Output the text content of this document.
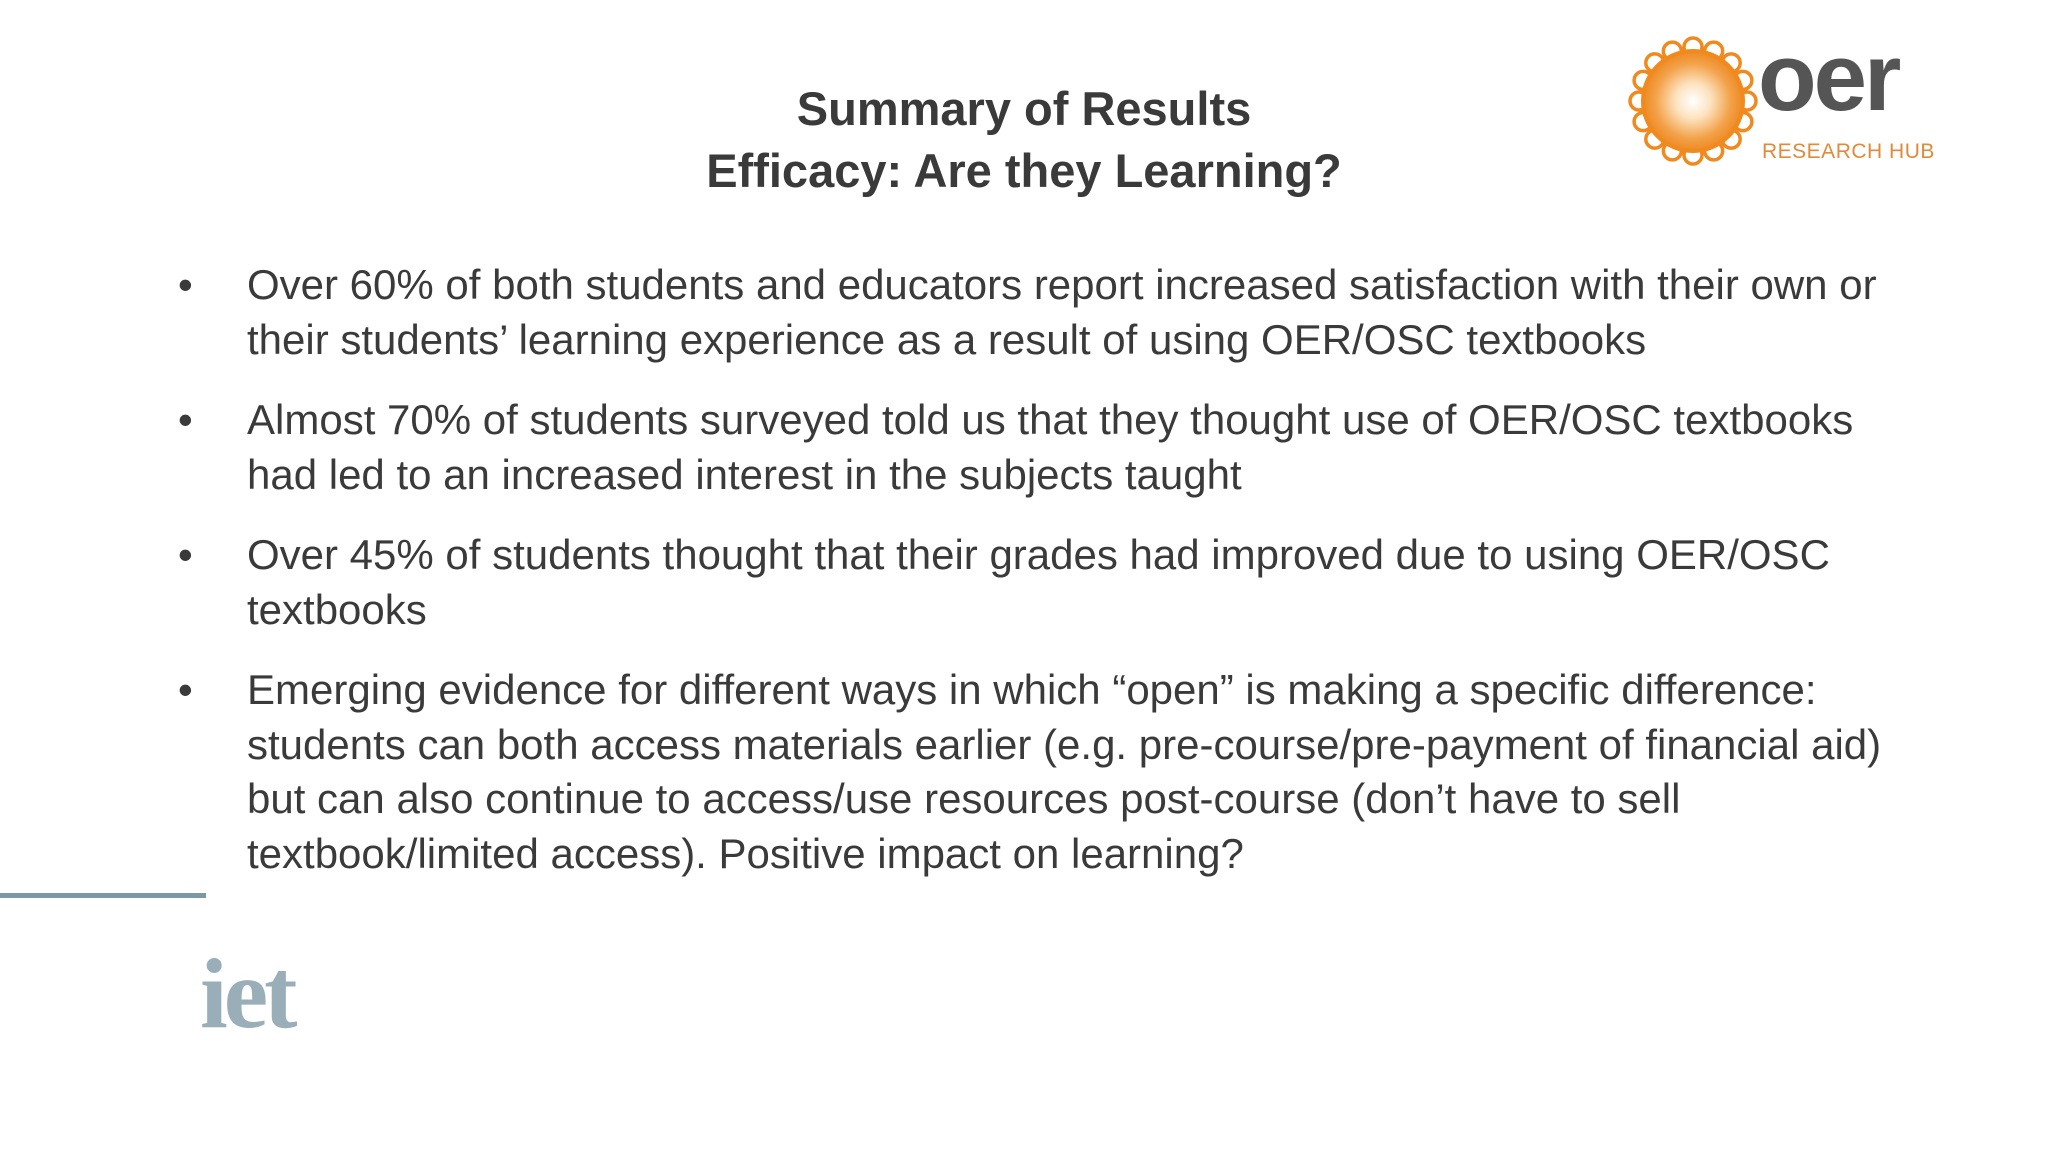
Summary of Results
Efficacy: Are they Learning?
oer
RESEARCH HUB
•	Over 60% of both students and educators report increased satisfaction with their own or their students’ learning experience as a result of using OER/OSC textbooks
•	Almost 70% of students surveyed told us that they thought use of OER/OSC textbooks had led to an increased interest in the subjects taught
•	Over 45% of students thought that their grades had improved due to using OER/OSC textbooks
•	Emerging evidence for different ways in which “open” is making a specific difference: students can both access materials earlier (e.g. pre-course/pre-payment of financial aid) but can also continue to access/use resources post-course (don’t have to sell textbook/limited access). Positive impact on learning?
iet
